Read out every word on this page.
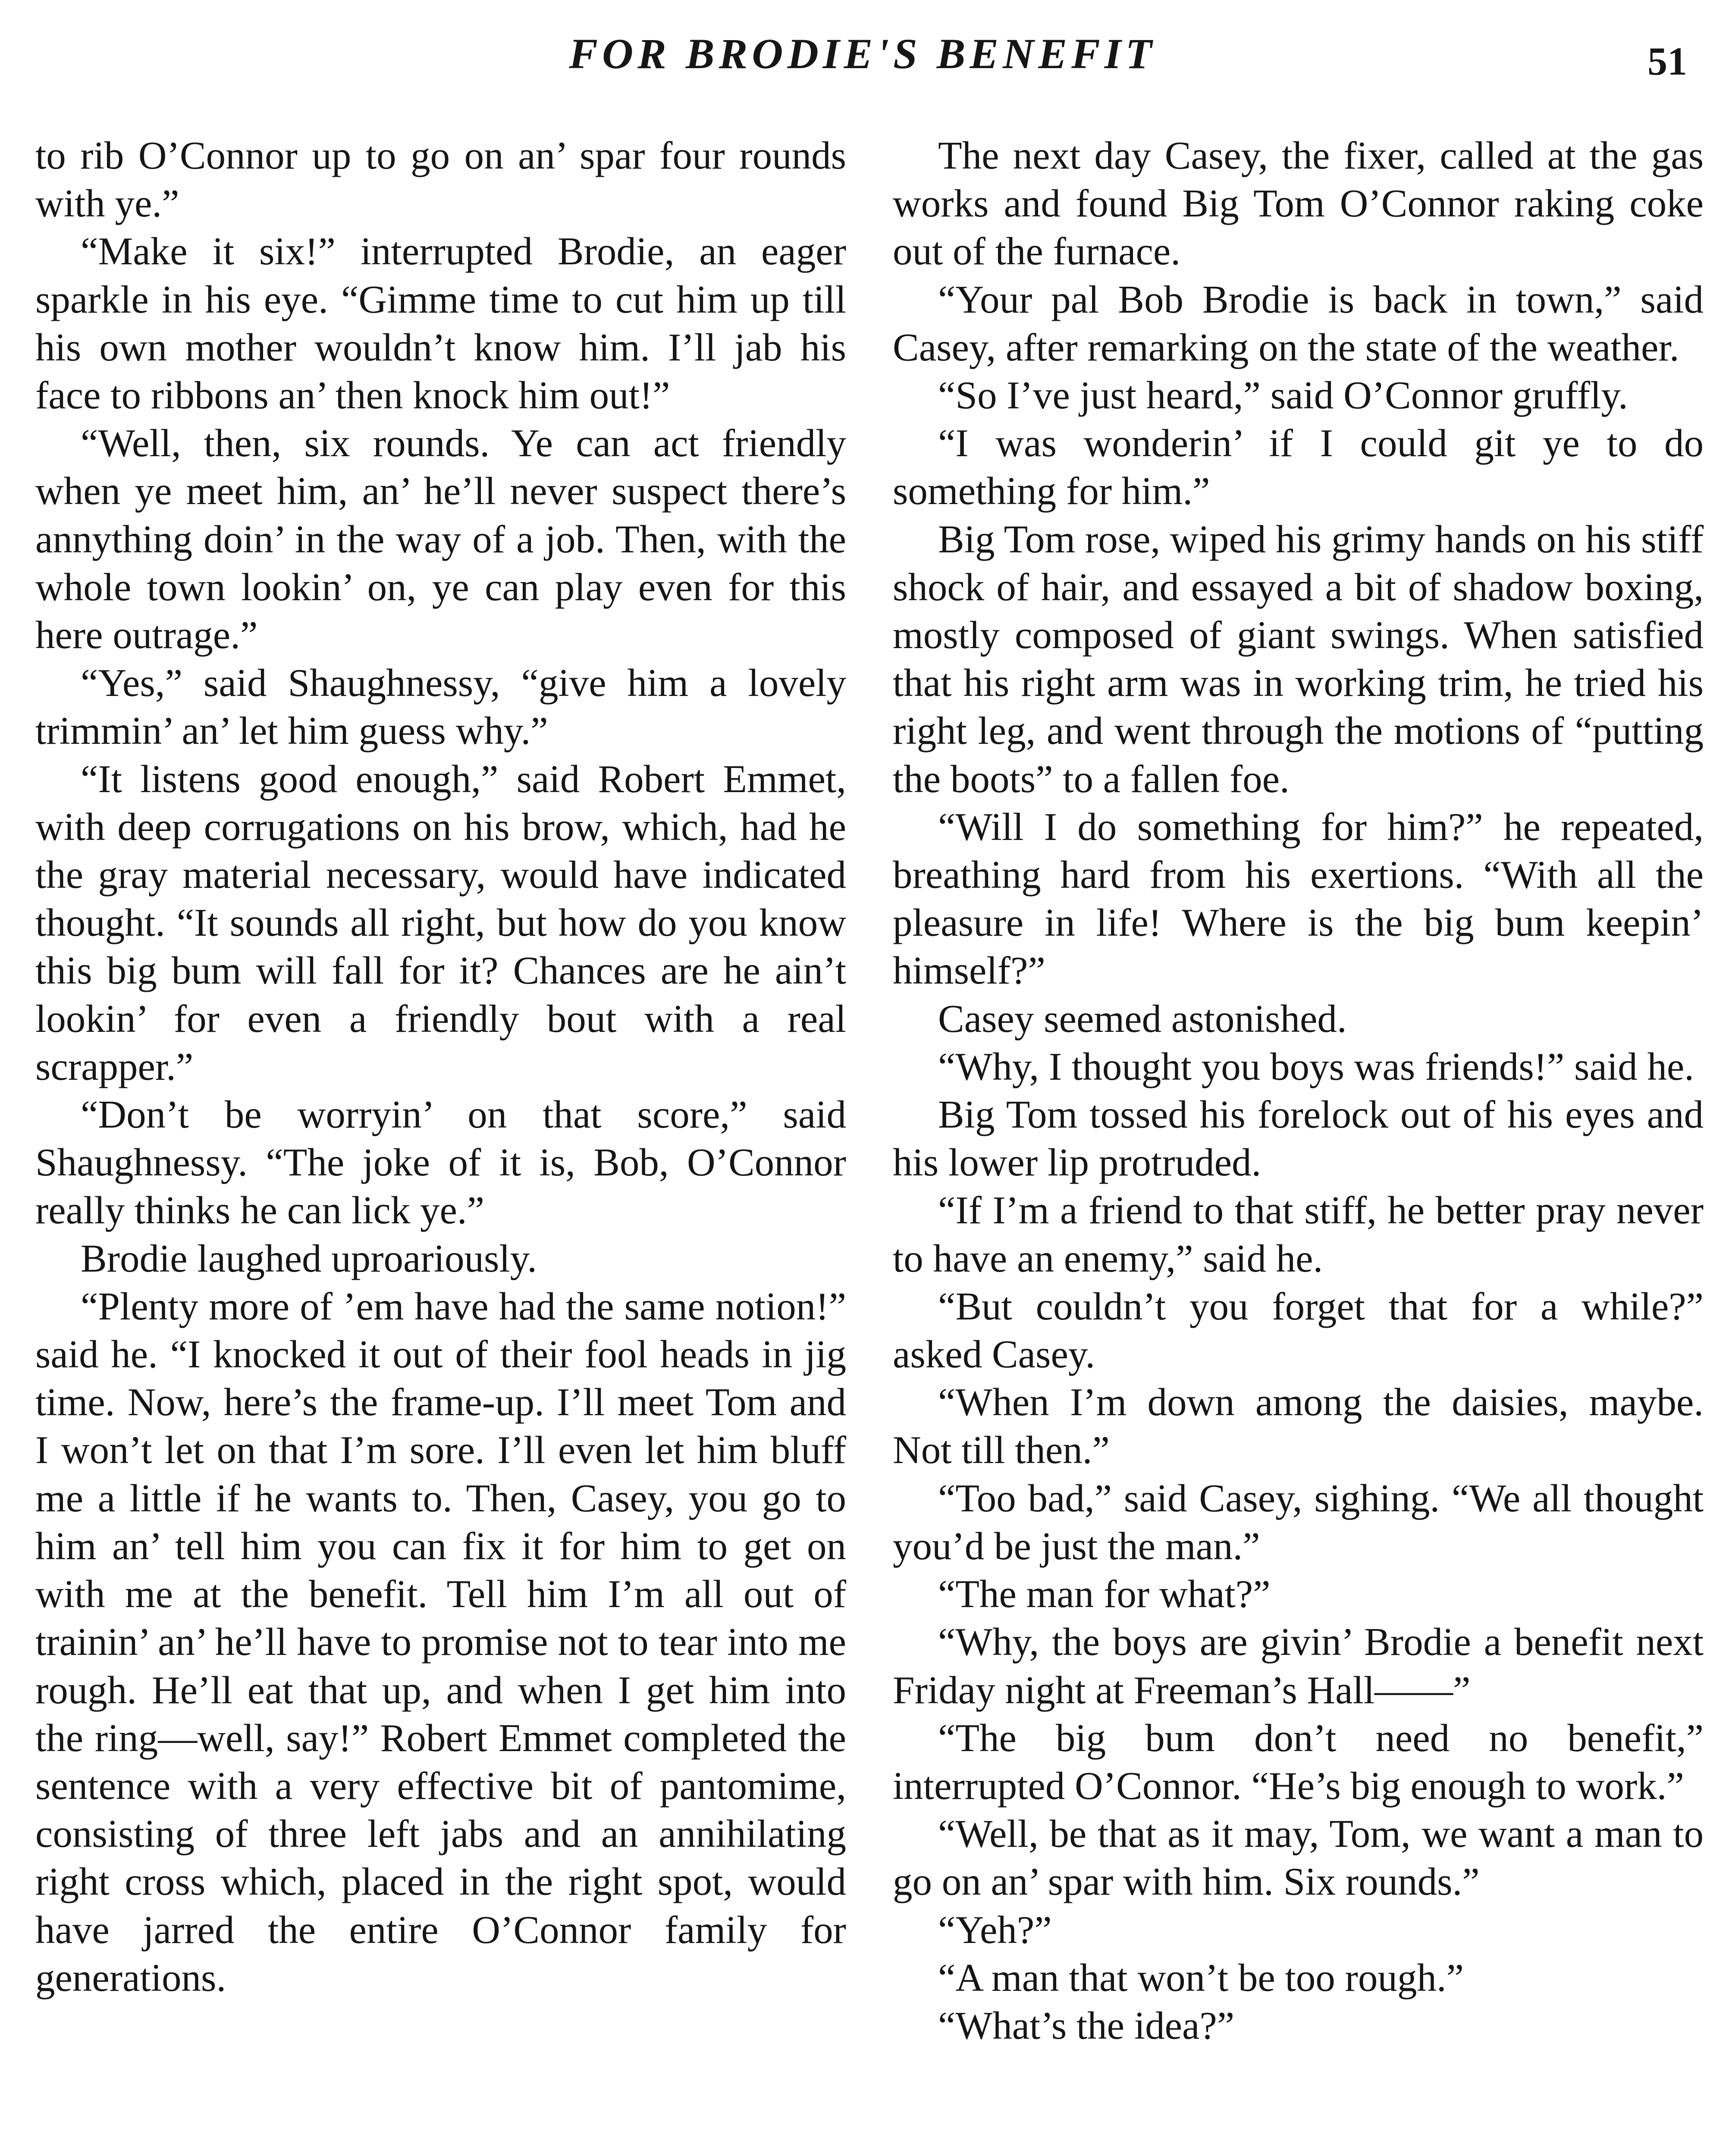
FOR BRODIE'S BENEFIT	51

to rib O’Connor up to go on an’ spar four rounds with ye.”

“Make it six!” interrupted Brodie, an eager sparkle in his eye. “Gimme time to cut him up till his own mother wouldn’t know him. I’ll jab his face to ribbons an’ then knock him out!”

“Well, then, six rounds. Ye can act friendly when ye meet him, an’ he’ll never suspect there’s annything doin’ in the way of a job. Then, with the whole town lookin’ on, ye can play even for this here outrage.”

“Yes,” said Shaughnessy, “give him a lovely trimmin’ an’ let him guess why.”

“It listens good enough,” said Robert Emmet, with deep corrugations on his brow, which, had he the gray material necessary, would have indicated thought. “It sounds all right, but how do you know this big bum will fall for it? Chances are he ain’t lookin’ for even a friendly bout with a real scrapper.”

“Don’t be worryin’ on that score,” said Shaughnessy. “The joke of it is, Bob, O’Connor really thinks he can lick ye.”

Brodie laughed uproariously.

“Plenty more of ’em have had the same notion!” said he. “I knocked it out of their fool heads in jig time. Now, here’s the frame-up. I’ll meet Tom and I won’t let on that I’m sore. I’ll even let him bluff me a little if he wants to. Then, Casey, you go to him an’ tell him you can fix it for him to get on with me at the benefit. Tell him I’m all out of trainin’ an’ he’ll have to promise not to tear into me rough. He’ll eat that up, and when I get him into the ring—well, say!” Robert Emmet completed the sentence with a very effective bit of pantomime, consisting of three left jabs and an annihilating right cross which, placed in the right spot, would have jarred the entire O’Connor family for generations.

The next day Casey, the fixer, called at the gas works and found Big Tom O’Connor raking coke out of the furnace.

“Your pal Bob Brodie is back in town,” said Casey, after remarking on the state of the weather.

“So I’ve just heard,” said O’Connor gruffly.

“I was wonderin’ if I could git ye to do something for him.”

Big Tom rose, wiped his grimy hands on his stiff shock of hair, and essayed a bit of shadow boxing, mostly composed of giant swings. When satisfied that his right arm was in working trim, he tried his right leg, and went through the motions of “putting the boots” to a fallen foe.

“Will I do something for him?” he repeated, breathing hard from his exertions. “With all the pleasure in life! Where is the big bum keepin’ himself?”

Casey seemed astonished.

“Why, I thought you boys was friends!” said he.

Big Tom tossed his forelock out of his eyes and his lower lip protruded.

“If I’m a friend to that stiff, he better pray never to have an enemy,” said he.

“But couldn’t you forget that for a while?” asked Casey.

“When I’m down among the daisies, maybe. Not till then.”

“Too bad,” said Casey, sighing. “We all thought you’d be just the man.”

“The man for what?”

“Why, the boys are givin’ Brodie a benefit next Friday night at Freeman’s Hall——”

“The big bum don’t need no benefit,” interrupted O’Connor. “He’s big enough to work.”

“Well, be that as it may, Tom, we want a man to go on an’ spar with him. Six rounds.”

“Yeh?”

“A man that won’t be too rough.”

“What’s the idea?”
